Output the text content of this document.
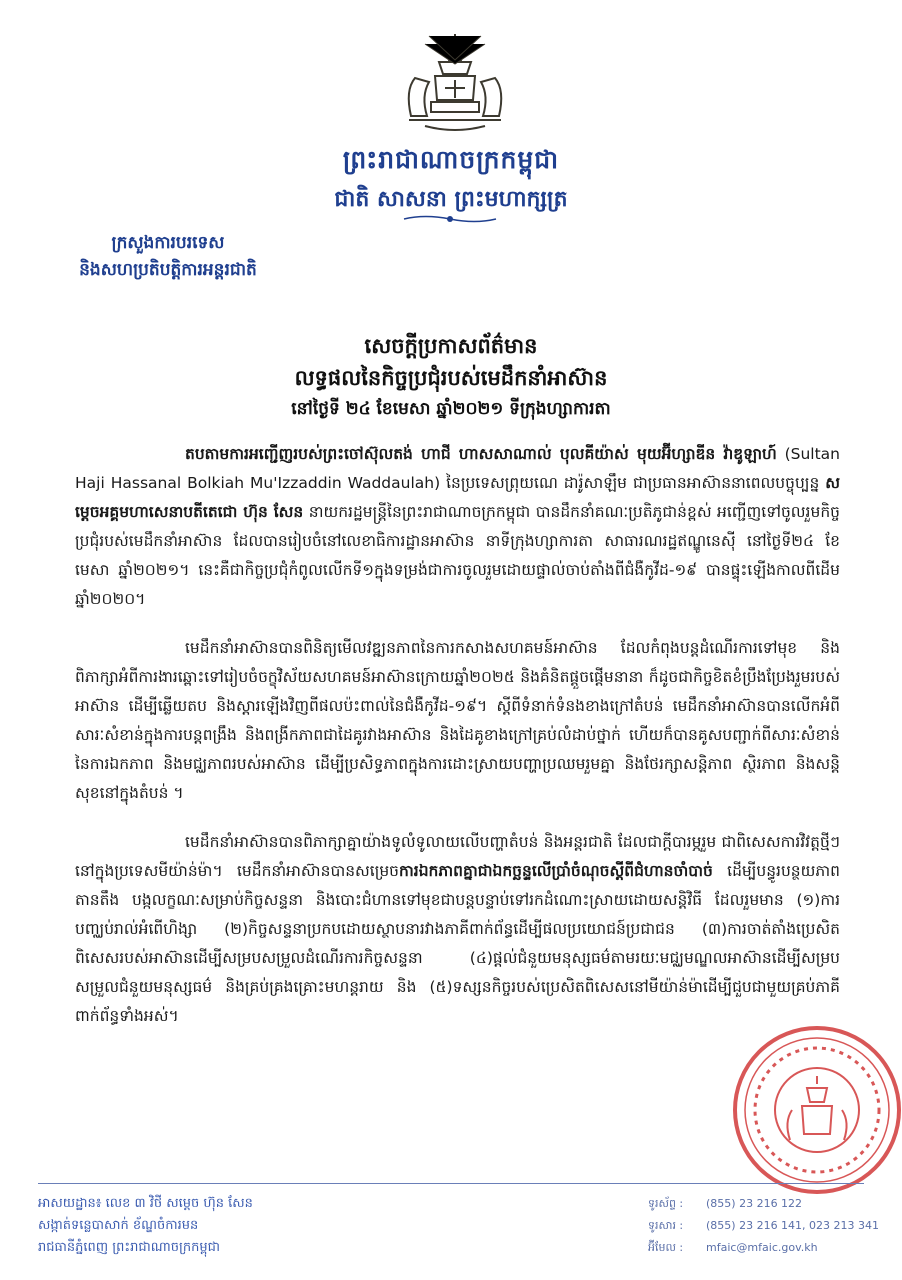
ព្រះរាជាណាចក្រកម្ពុជា
ជាតិ សាសនា ព្រះមហាក្សត្រ
ក្រសួងការបរទេស
និងសហប្រតិបត្តិការអន្តរជាតិ
សេចក្តីប្រកាសព័ត៌មាន
លទ្ធផលនៃកិច្ចប្រជុំរបស់មេដឹកនាំអាស៊ាន
នៅថ្ងៃទី ២៤ ខែមេសា ឆ្នាំ២០២១ ទីក្រុងហ្សាការតា

តបតាមការអញ្ជើញរបស់ព្រះចៅស៊ុលតង់ ហាជី ហាសសាណាល់ បុលគីយ៉ាស់ មុយអ៊ីហ្សាឌីន វ៉ាឌូឡាហ៍ (Sultan Haji Hassanal Bolkiah Mu'Izzaddin Waddaulah) នៃប្រទេសព្រុយណេ ដារ៉ូសាឡឹម ជាប្រធានអាស៊ាននាពេលបច្ចុប្បន្ន សម្តេចអគ្គមហាសេនាបតីតេជោ ហ៊ុន សែន នាយករដ្ឋមន្ត្រីនៃព្រះរាជាណាចក្រកម្ពុជា បានដឹកនាំគណៈប្រតិភូជាន់ខ្ពស់ អញ្ជើញទៅចូលរួមកិច្ចប្រជុំរបស់មេដឹកនាំអាស៊ាន ដែលបានរៀបចំនៅលេខាធិការដ្ឋានអាស៊ាន នាទីក្រុងហ្សាការតា សាធារណរដ្ឋឥណ្ឌូនេស៊ី នៅថ្ងៃទី២៤ ខែមេសា ឆ្នាំ២០២១។ នេះគឺជាកិច្ចប្រជុំកំពូលលើកទី១ក្នុងទម្រង់ជាការចូលរួមដោយផ្ទាល់ចាប់តាំងពីជំងឺកូវីដ-១៩ បានផ្ទុះឡើងកាលពីដើមឆ្នាំ២០២០។

មេដឹកនាំអាស៊ានបានពិនិត្យមើលវឌ្ឍនភាពនៃការកសាងសហគមន៍អាស៊ាន ដែលកំពុងបន្តដំណើរការទៅមុខ និងពិភាក្សាអំពីការងារឆ្ពោះទៅរៀបចំចក្ខុវិស័យសហគមន៍អាស៊ានក្រោយឆ្នាំ២០២៥ និងគំនិតផ្តួចផ្តើមនានា ក៏ដូចជាកិច្ចខិតខំប្រឹងប្រែងរួមរបស់អាស៊ាន ដើម្បីឆ្លើយតប និងស្តារឡើងវិញពីផលប៉ះពាល់នៃជំងឺកូវីដ-១៩។ ស្តីពីទំនាក់ទំនងខាងក្រៅតំបន់ មេដឹកនាំអាស៊ានបានលើកអំពីសារៈសំខាន់ក្នុងការបន្តពង្រឹង និងពង្រីកភាពជាដៃគូរវាងអាស៊ាន និងដៃគូខាងក្រៅគ្រប់លំដាប់ថ្នាក់ ហើយក៏បានគូសបញ្ជាក់ពីសារៈសំខាន់នៃការឯកភាព និងមជ្ឈភាពរបស់អាស៊ាន ដើម្បីប្រសិទ្ធភាពក្នុងការដោះស្រាយបញ្ហាប្រឈមរួមគ្នា និងថែរក្សាសន្តិភាព ស្ថិរភាព និងសន្តិសុខនៅក្នុងតំបន់ ។

មេដឹកនាំអាស៊ានបានពិភាក្សាគ្នាយ៉ាងទូលំទូលាយលើបញ្ហាតំបន់ និងអន្តរជាតិ ដែលជាក្តីបារម្ភរួម ជាពិសេសការវិវត្តថ្មីៗនៅក្នុងប្រទេសមីយ៉ាន់ម៉ា។ មេដឹកនាំអាស៊ានបានសម្រេចការឯកភាពគ្នាជាឯកច្ឆន្ទលើប្រាំចំណុចស្តីពីជំហានចាំបាច់ ដើម្បីបន្ធូរបន្ថយភាពតានតឹង បង្កលក្ខណៈសម្រាប់កិច្ចសន្ទនា និងបោះជំហានទៅមុខជាបន្តបន្ទាប់ទៅរកដំណោះស្រាយដោយសន្តិវិធី ដែលរួមមាន (១)ការបញ្ឈប់រាល់អំពើហិង្សា (២)កិច្ចសន្ទនាប្រកបដោយស្ថាបនារវាងភាគីពាក់ព័ន្ធដើម្បីផលប្រយោជន៍ប្រជាជន (៣)ការចាត់តាំងប្រេសិតពិសេសរបស់អាស៊ានដើម្បីសម្របសម្រួលដំណើរការកិច្ចសន្ទនា (៤)ផ្តល់ជំនួយមនុស្សធម៌តាមរយៈមជ្ឈមណ្ឌលអាស៊ានដើម្បីសម្របសម្រួលជំនួយមនុស្សធម៌ និងគ្រប់គ្រងគ្រោះមហន្តរាយ និង (៥)ទស្សនកិច្ចរបស់ប្រេសិតពិសេសនៅមីយ៉ាន់ម៉ាដើម្បីជួបជាមួយគ្រប់ភាគីពាក់ព័ន្ធទាំងអស់។

អាសយដ្ឋាន៖ លេខ ៣ វិថី សម្តេច ហ៊ុន សែន
សង្កាត់ទន្លេបាសាក់ ខ័ណ្ឌចំការមន
រាជធានីភ្នំពេញ ព្រះរាជាណាចក្រកម្ពុជា
ទូរស័ព្ទ : (855) 23 216 122
ទូរសារ : (855) 23 216 141, 023 213 341
អ៊ីមែល : mfaic@mfaic.gov.kh
